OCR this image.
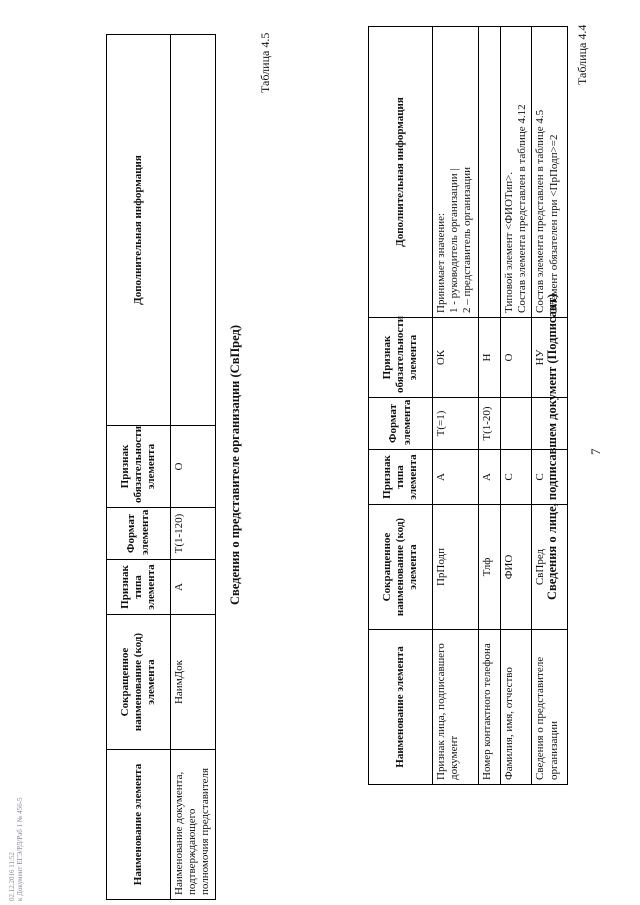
7
Таблица 4.4
Сведения о лице, подписавшем документ (Подписант)
Наименование элемента	Сокращенное наименование (код) элемента	Признак типа элемента	Формат элемента	Признак обязательности элемента	Дополнительная информация
Признак лица, подписавшего документ	ПрПодп	А	Т(=1)	ОК	Принимает значение: 1 - руководитель организации | 2 – представитель организации

Номер контактного телефона	Тлф	А	Т(1-20)	Н	
Фамилия, имя, отчество	ФИО	С		О	Типовой элемент <ФИОТип>. Состав элемента представлен в таблице 4.12

Сведения о представителе организации	СвПред	С		НУ	Состав элемента представлен в таблице 4.5 Элемент обязателен при <ПрПодп>=2
Таблица 4.5
Сведения о представителе организации (СвПред)
Наименование элемента	Сокращенное наименование (код) элемента	Признак типа элемента	Формат элемента	Признак обязательности элемента	Дополнительная информация
Наименование документа, подтверждающего полномочия представителя	НаимДок	А	Т(1-120)	О	
02.12.2016 11:52 к Документ ЕГЭ/РД/Раб 1 № 456-5
